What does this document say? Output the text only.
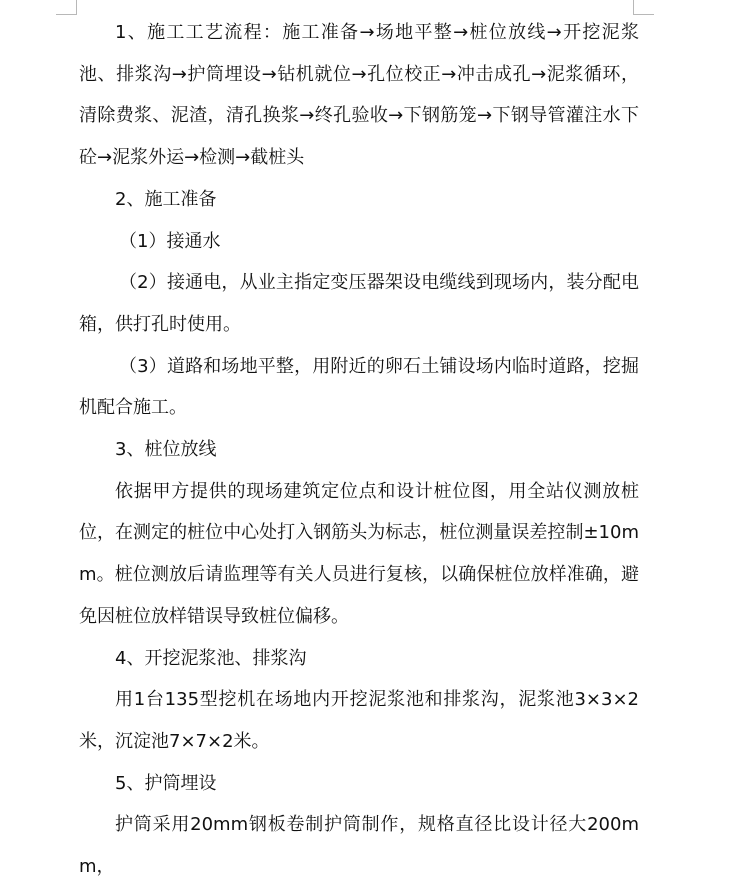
1、施工工艺流程：施工准备→场地平整→桩位放线→开挖泥浆池、排浆沟→护筒埋设→钻机就位→孔位校正→冲击成孔→泥浆循环，清除费浆、泥渣，清孔换浆→终孔验收→下钢筋笼→下钢导管灌注水下砼→泥浆外运→检测→截桩头

2、施工准备

（1）接通水

（2）接通电，从业主指定变压器架设电缆线到现场内，装分配电箱，供打孔时使用。

（3）道路和场地平整，用附近的卵石土铺设场内临时道路，挖掘机配合施工。

3、桩位放线

依据甲方提供的现场建筑定位点和设计桩位图，用全站仪测放桩位，在测定的桩位中心处打入钢筋头为标志，桩位测量误差控制±10mm。桩位测放后请监理等有关人员进行复核，以确保桩位放样准确，避免因桩位放样错误导致桩位偏移。

4、开挖泥浆池、排浆沟

用1台135型挖机在场地内开挖泥浆池和排浆沟，泥浆池3×3×2米，沉淀池7×7×2米。

5、护筒埋设

护筒采用20mm钢板卷制护筒制作，规格直径比设计径大200mm，
